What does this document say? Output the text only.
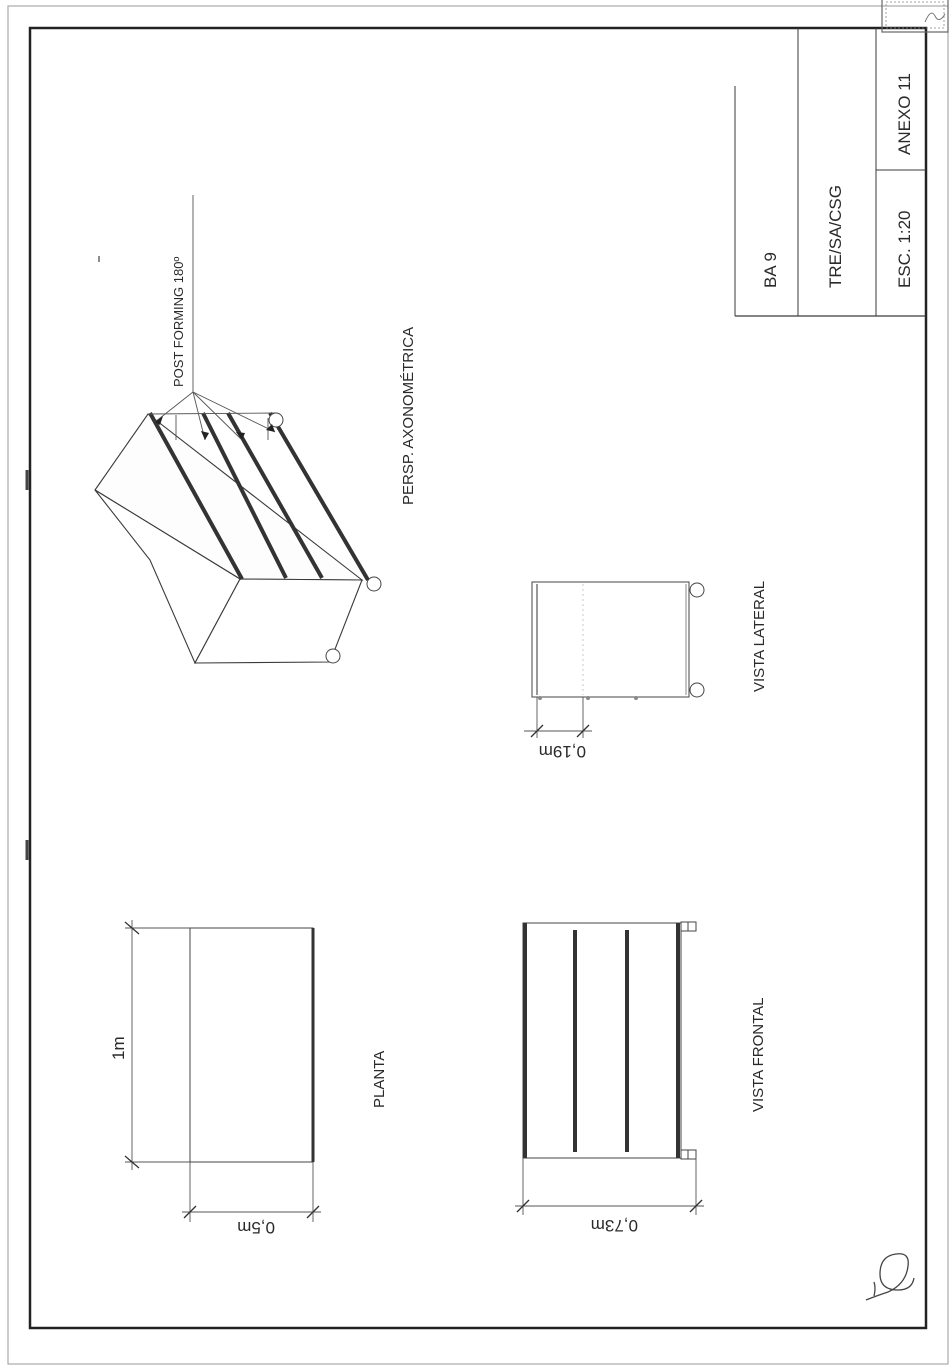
BA 9	TRE/SA/CSG	ESC. 1:20
ANEXO 11
POST FORMING 180º
PERSP. AXONOMÉTRICA
0,19m
VISTA LATERAL
1m
0,5m
PLANTA
0,73m
VISTA FRONTAL
